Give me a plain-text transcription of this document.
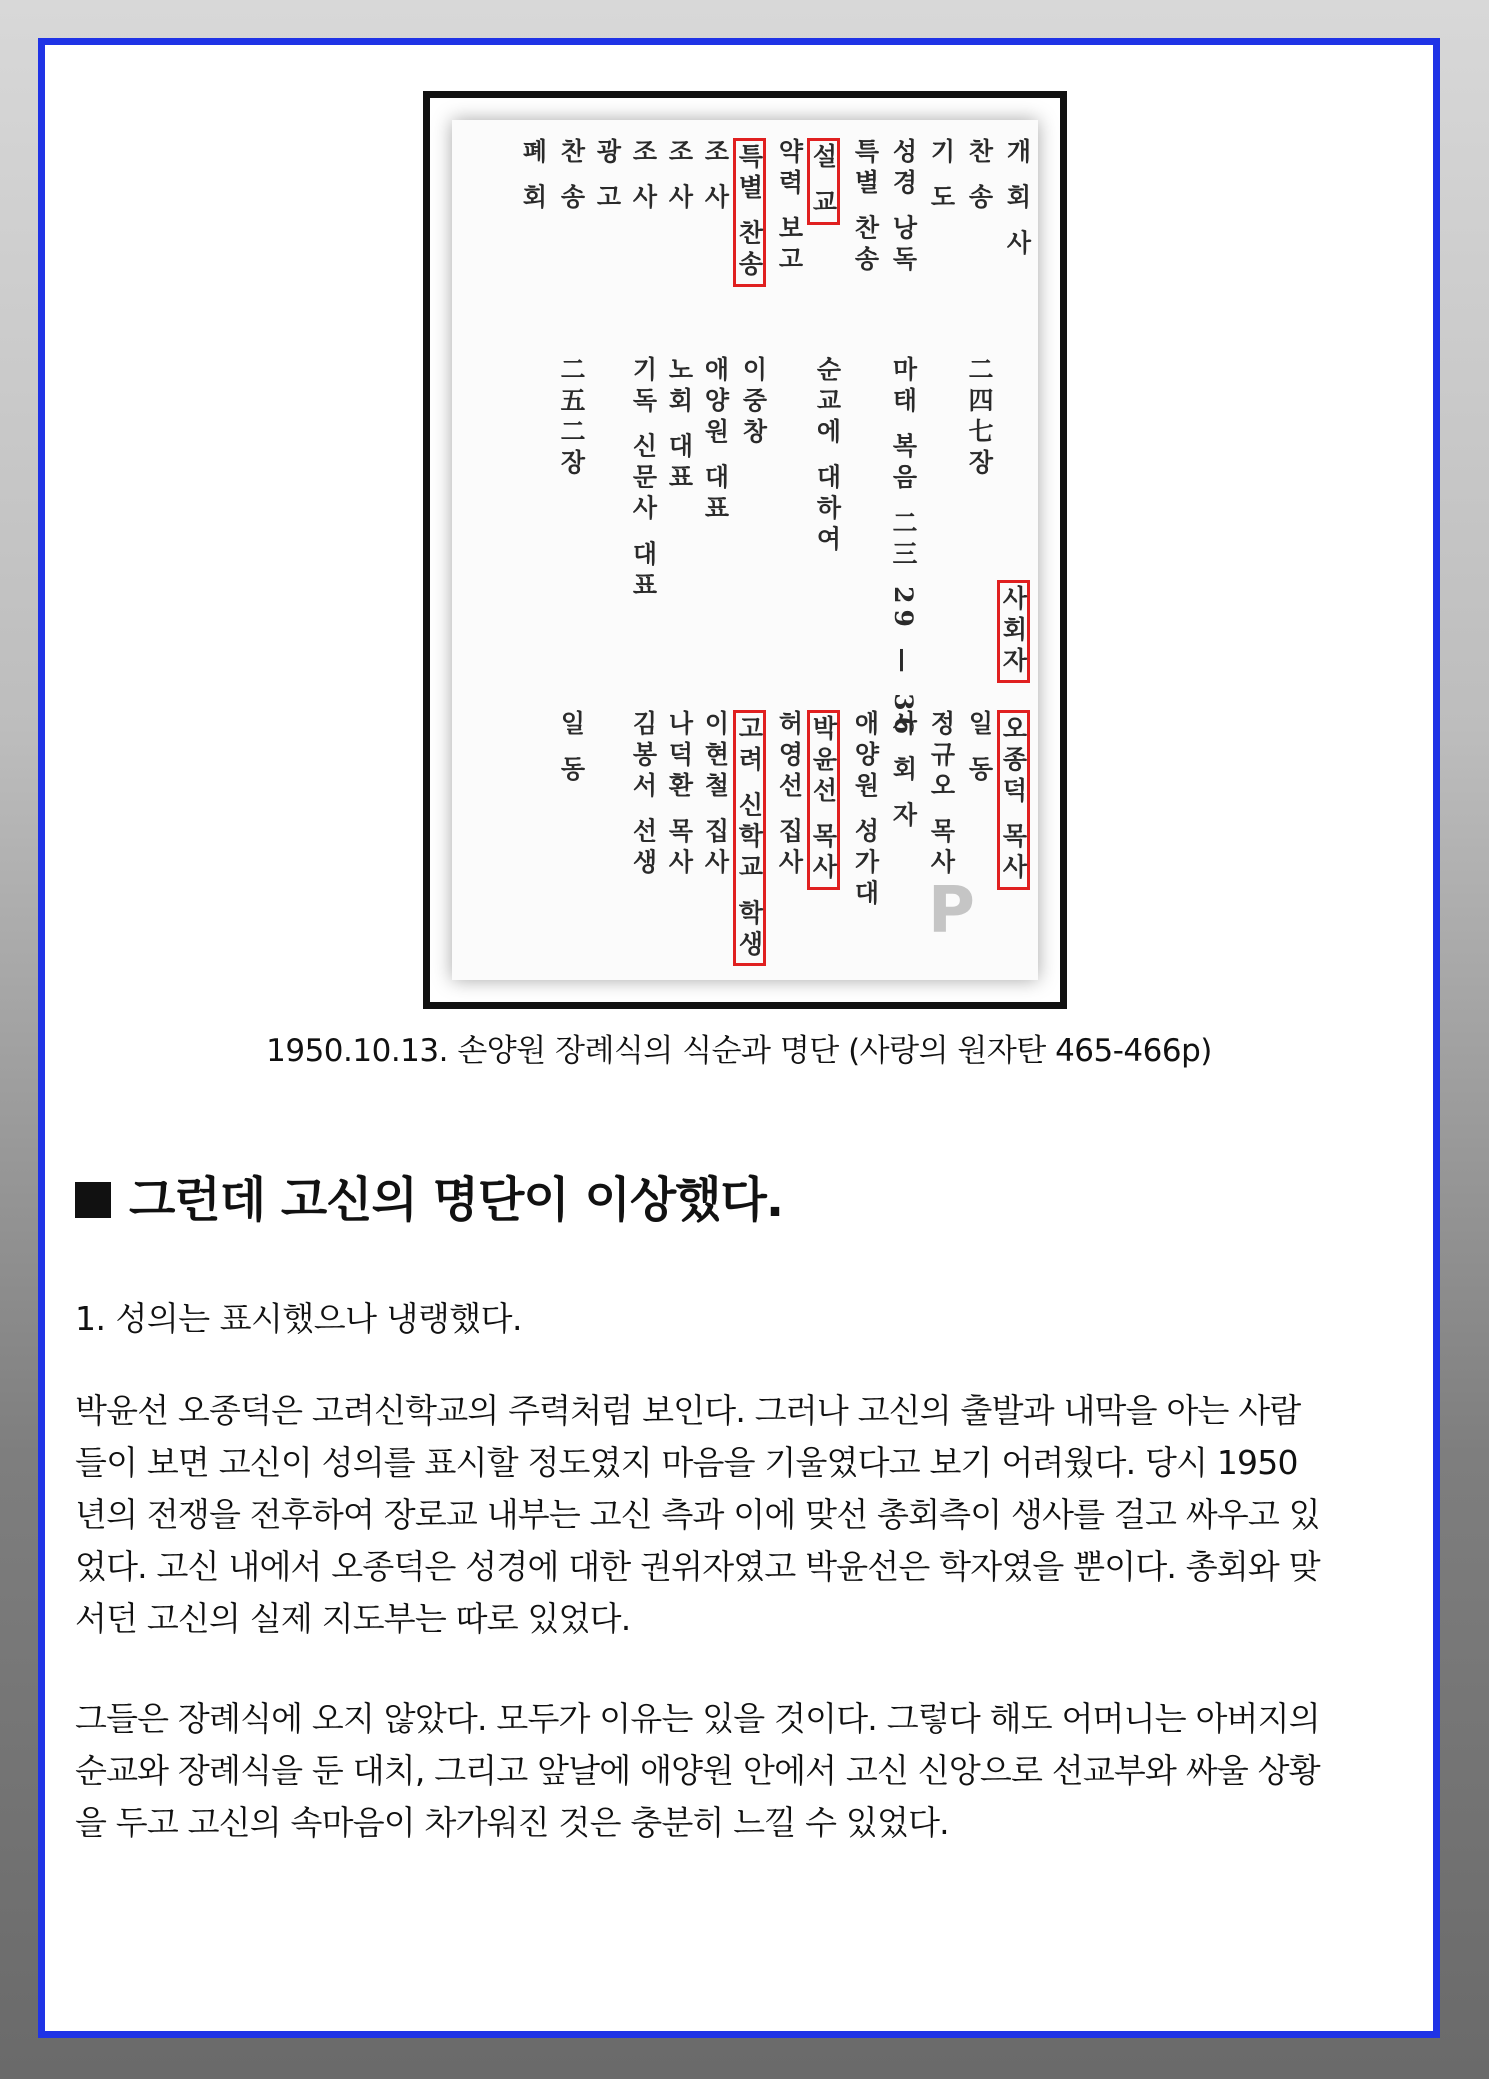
P
개 회 사
찬 송
기 도
성경 낭독
특별 찬송
설 교
약력 보고
특별 찬송
조 사
조 사
조 사
광 고
찬 송
폐 회
二四七장
마태 복음 二三 29 — 36
순교에 대하여
이중창
애양원 대표
노회 대표
기독 신문사 대표
二五二장
사회자
오종덕 목사
일 동
정규오 목사
사 회 자
애양원 성가대
박윤선 목사
허영선 집사
고려 신학교 학생
이현철 집사
나덕환 목사
김봉서 선생
일 동
1950.10.13. 손양원 장례식의 식순과 명단 (사랑의 원자탄 465-466p)
그런데 고신의 명단이 이상했다.
1. 성의는 표시했으나 냉랭했다.
박윤선 오종덕은 고려신학교의 주력처럼 보인다. 그러나 고신의 출발과 내막을 아는 사람
들이 보면 고신이 성의를 표시할 정도였지 마음을 기울였다고 보기 어려웠다. 당시 1950
년의 전쟁을 전후하여 장로교 내부는 고신 측과 이에 맞선 총회측이 생사를 걸고 싸우고 있
었다. 고신 내에서 오종덕은 성경에 대한 권위자였고 박윤선은 학자였을 뿐이다. 총회와 맞
서던 고신의 실제 지도부는 따로 있었다.
그들은 장례식에 오지 않았다. 모두가 이유는 있을 것이다. 그렇다 해도 어머니는 아버지의
순교와 장례식을 둔 대치, 그리고 앞날에 애양원 안에서 고신 신앙으로 선교부와 싸울 상황
을 두고 고신의 속마음이 차가워진 것은 충분히 느낄 수 있었다.
